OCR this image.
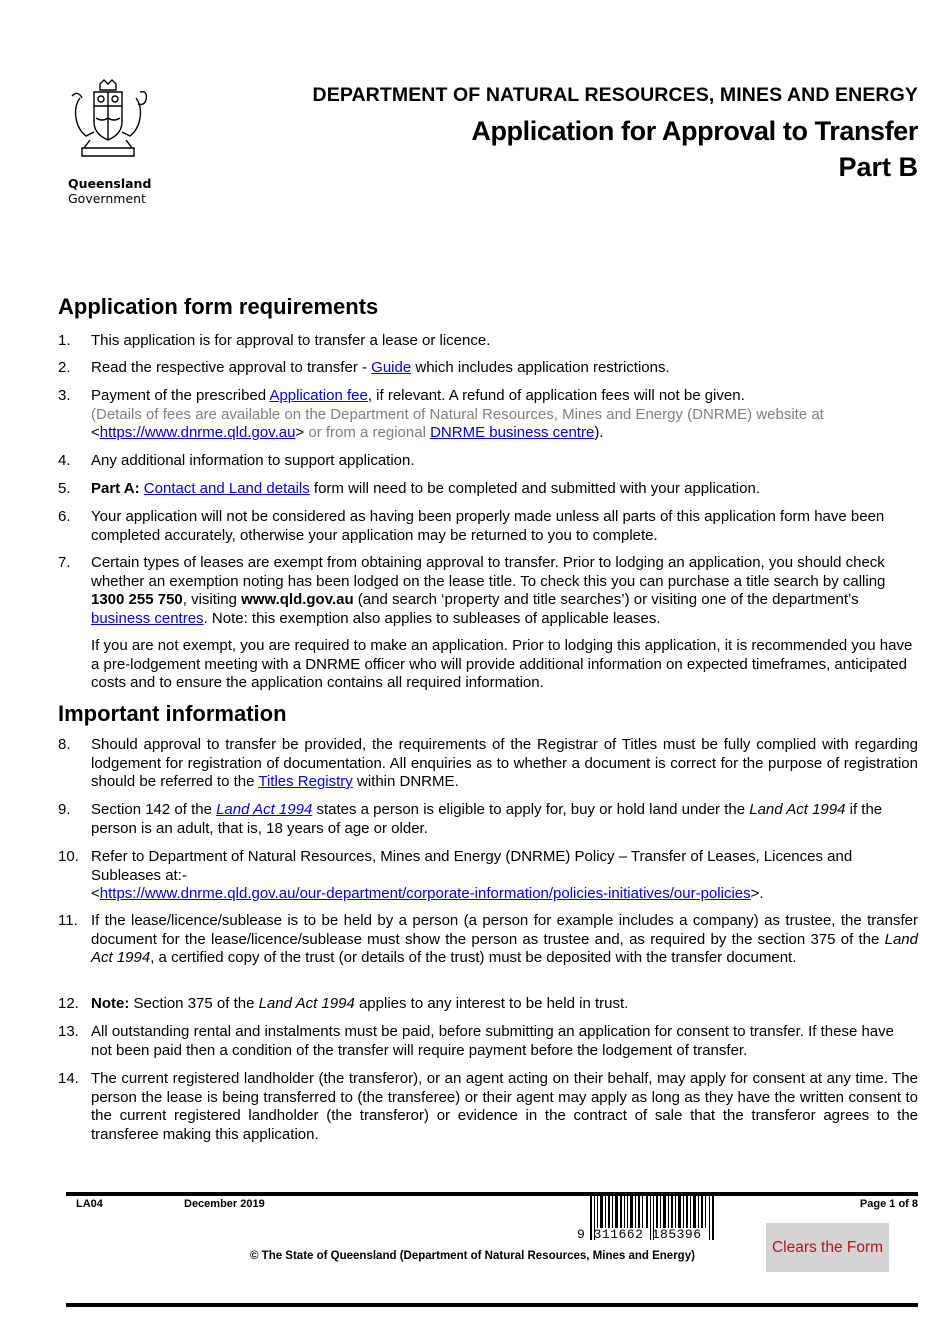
Queensland
Government
DEPARTMENT OF NATURAL RESOURCES, MINES AND ENERGY
Application for Approval to Transfer
Part B
Application form requirements
1. This application is for approval to transfer a lease or licence.
2. Read the respective approval to transfer - Guide which includes application restrictions.
3. Payment of the prescribed Application fee, if relevant. A refund of application fees will not be given.
(Details of fees are available on the Department of Natural Resources, Mines and Energy (DNRME) website at
<https://www.dnrme.qld.gov.au> or from a regional DNRME business centre).
4. Any additional information to support application.
5. Part A: Contact and Land details form will need to be completed and submitted with your application.
6. Your application will not be considered as having been properly made unless all parts of this application form have been completed accurately, otherwise your application may be returned to you to complete.
7. Certain types of leases are exempt from obtaining approval to transfer. Prior to lodging an application, you should check whether an exemption noting has been lodged on the lease title. To check this you can purchase a title search by calling 1300 255 750, visiting www.qld.gov.au (and search ‘property and title searches’) or visiting one of the department’s business centres. Note: this exemption also applies to subleases of applicable leases.
If you are not exempt, you are required to make an application. Prior to lodging this application, it is recommended you have a pre-lodgement meeting with a DNRME officer who will provide additional information on expected timeframes, anticipated costs and to ensure the application contains all required information.
Important information
8. Should approval to transfer be provided, the requirements of the Registrar of Titles must be fully complied with regarding lodgement for registration of documentation. All enquiries as to whether a document is correct for the purpose of registration should be referred to the Titles Registry within DNRME.
9. Section 142 of the Land Act 1994 states a person is eligible to apply for, buy or hold land under the Land Act 1994 if the person is an adult, that is, 18 years of age or older.
10. Refer to Department of Natural Resources, Mines and Energy (DNRME) Policy – Transfer of Leases, Licences and Subleases at:-
<https://www.dnrme.qld.gov.au/our-department/corporate-information/policies-initiatives/our-policies>.
11. If the lease/licence/sublease is to be held by a person (a person for example includes a company) as trustee, the transfer document for the lease/licence/sublease must show the person as trustee and, as required by the section 375 of the Land Act 1994, a certified copy of the trust (or details of the trust) must be deposited with the transfer document.
12. Note: Section 375 of the Land Act 1994 applies to any interest to be held in trust.
13. All outstanding rental and instalments must be paid, before submitting an application for consent to transfer. If these have not been paid then a condition of the transfer will require payment before the lodgement of transfer.
14. The current registered landholder (the transferor), or an agent acting on their behalf, may apply for consent at any time. The person the lease is being transferred to (the transferee) or their agent may apply as long as they have the written consent to the current registered landholder (the transferor) or evidence in the contract of sale that the transferor agrees to the transferee making this application.
LA04	December 2019	Page 1 of 8
9 311662 185396
© The State of Queensland (Department of Natural Resources, Mines and Energy)
Clears the Form
